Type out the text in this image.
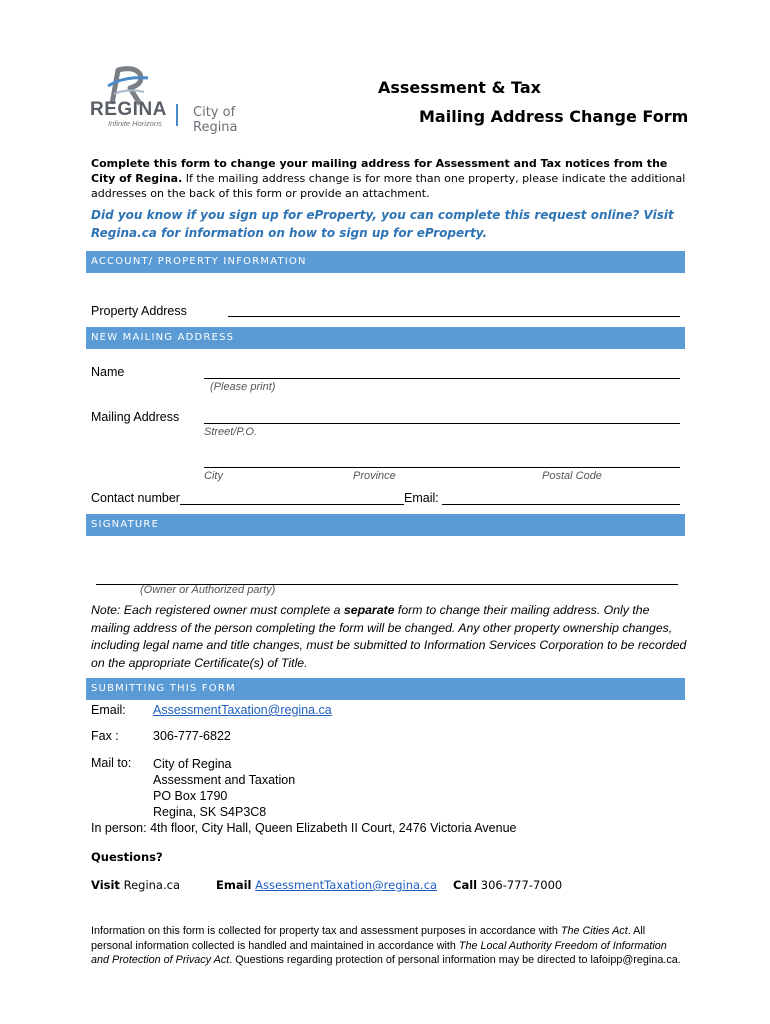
REGINA
Infinite Horizons
City of Regina
Assessment & Tax
Mailing Address Change Form
Complete this form to change your mailing address for Assessment and Tax notices from the City of Regina. If the mailing address change is for more than one property, please indicate the additional addresses on the back of this form or provide an attachment.
Did you know if you sign up for eProperty, you can complete this request online? Visit Regina.ca for information on how to sign up for eProperty.
ACCOUNT/ PROPERTY INFORMATION
Property Address
NEW MAILING ADDRESS
Name
(Please print)
Mailing Address
Street/P.O.
City	Province	Postal Code
Contact number	Email:
SIGNATURE
(Owner or Authorized party)
Note: Each registered owner must complete a separate form to change their mailing address. Only the mailing address of the person completing the form will be changed. Any other property ownership changes, including legal name and title changes, must be submitted to Information Services Corporation to be recorded on the appropriate Certificate(s) of Title.
SUBMITTING THIS FORM
Email: AssessmentTaxation@regina.ca
Fax :	306-777-6822
Mail to: City of Regina
Assessment and Taxation
PO Box 1790
Regina, SK S4P3C8
In person: 4th floor, City Hall, Queen Elizabeth II Court, 2476 Victoria Avenue
Questions?
Visit Regina.ca	Email AssessmentTaxation@regina.ca Call 306-777-7000
Information on this form is collected for property tax and assessment purposes in accordance with The Cities Act. All personal information collected is handled and maintained in accordance with The Local Authority Freedom of Information and Protection of Privacy Act. Questions regarding protection of personal information may be directed to lafoipp@regina.ca.
